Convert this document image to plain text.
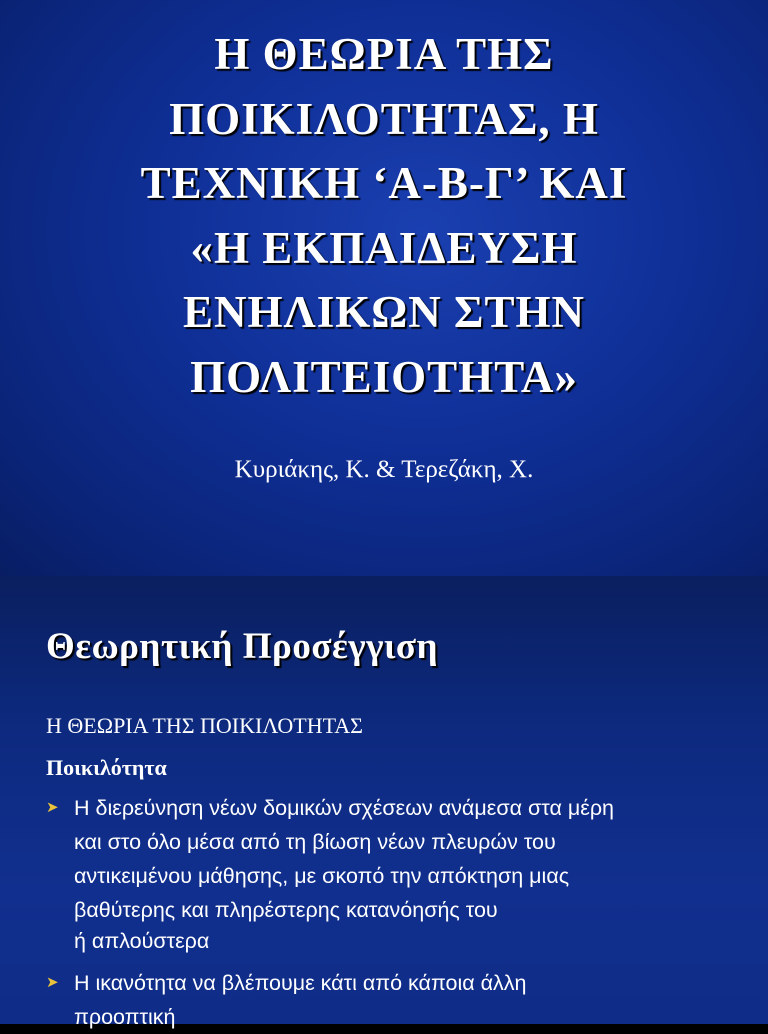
Η ΘΕΩΡΙΑ ΤΗΣ
ΠΟΙΚΙΛΟΤΗΤΑΣ, Η
ΤΕΧΝΙΚΗ ‘Α-Β-Γ’ ΚΑΙ
«Η ΕΚΠΑΙΔΕΥΣΗ
ΕΝΗΛΙΚΩΝ ΣΤΗΝ
ΠΟΛΙΤΕΙΟΤΗΤΑ»
Κυριάκης, Κ. & Τερεζάκη, Χ.
Θεωρητική Προσέγγιση
Η ΘΕΩΡΙΑ ΤΗΣ ΠΟΙΚΙΛΟΤΗΤΑΣ
Ποικιλότητα
➤ Η διερεύνηση νέων δομικών σχέσεων ανάμεσα στα μέρη
και στο όλο μέσα από τη βίωση νέων πλευρών του
αντικειμένου μάθησης, με σκοπό την απόκτηση μιας
βαθύτερης και πληρέστερης κατανόησής του
ή απλούστερα
➤ Η ικανότητα να βλέπουμε κάτι από κάποια άλλη
προοπτική
